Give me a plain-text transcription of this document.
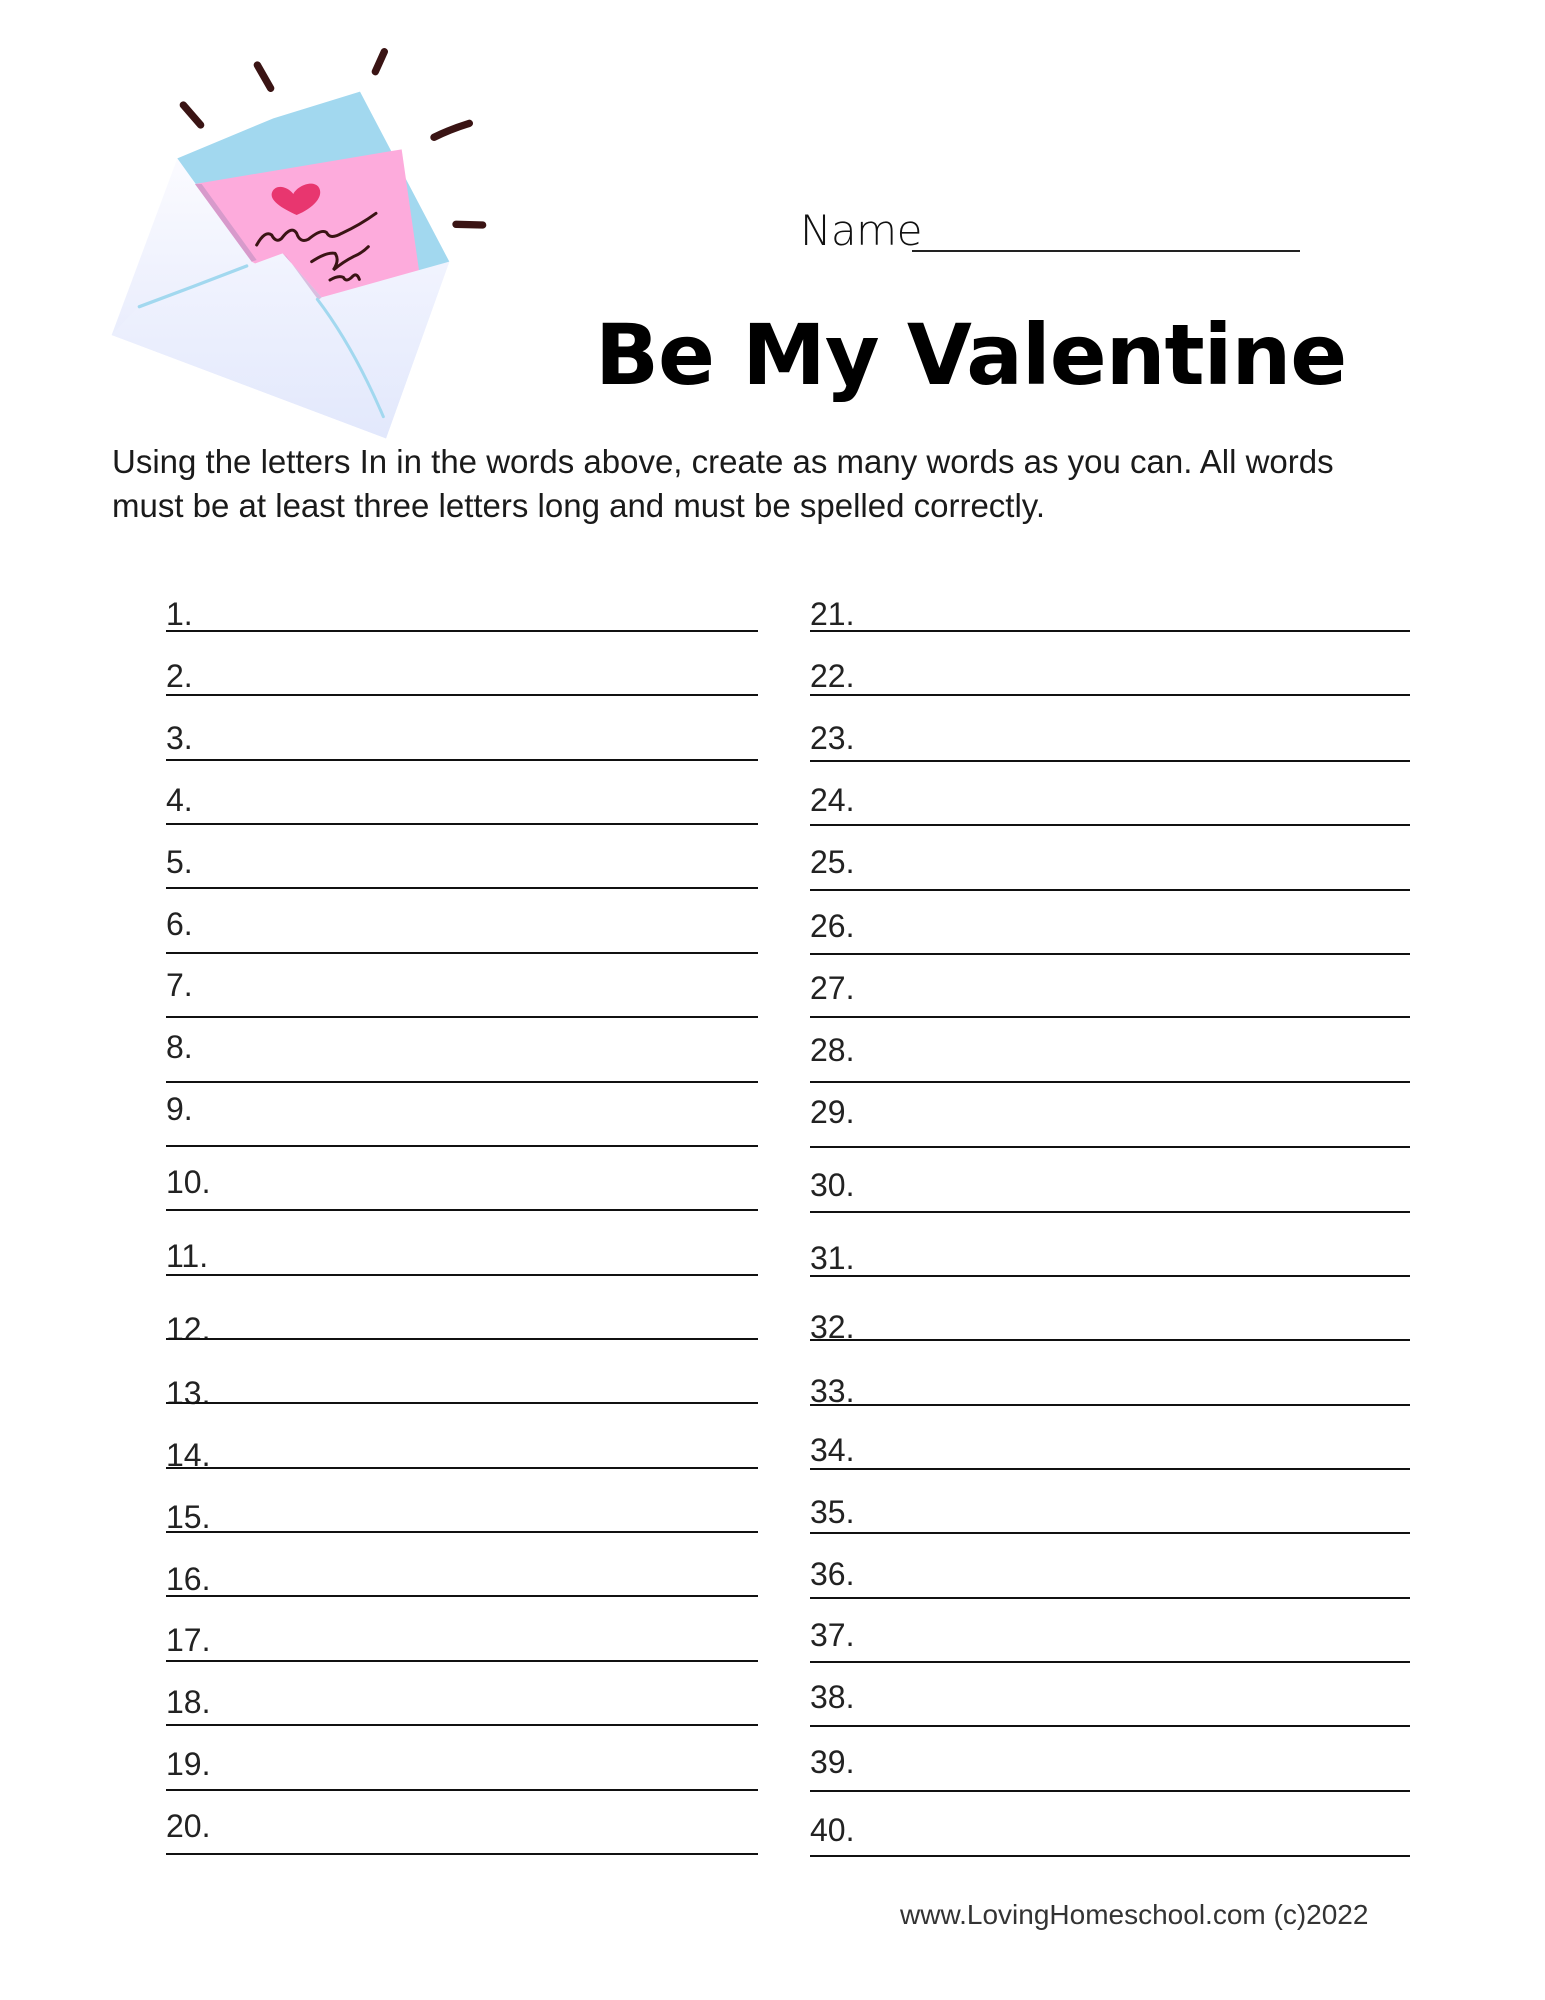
Name
Be My Valentine
Using the letters In in the words above, create as many words as you can. All words
must be at least three letters long and must be spelled correctly.
1.
2.
3.
4.
5.
6.
7.
8.
9.
10.
11.
12.
13.
14.
15.
16.
17.
18.
19.
20.
21.
22.
23.
24.
25.
26.
27.
28.
29.
30.
31.
32.
33.
34.
35.
36.
37.
38.
39.
40.
www.LovingHomeschool.com (c)2022
